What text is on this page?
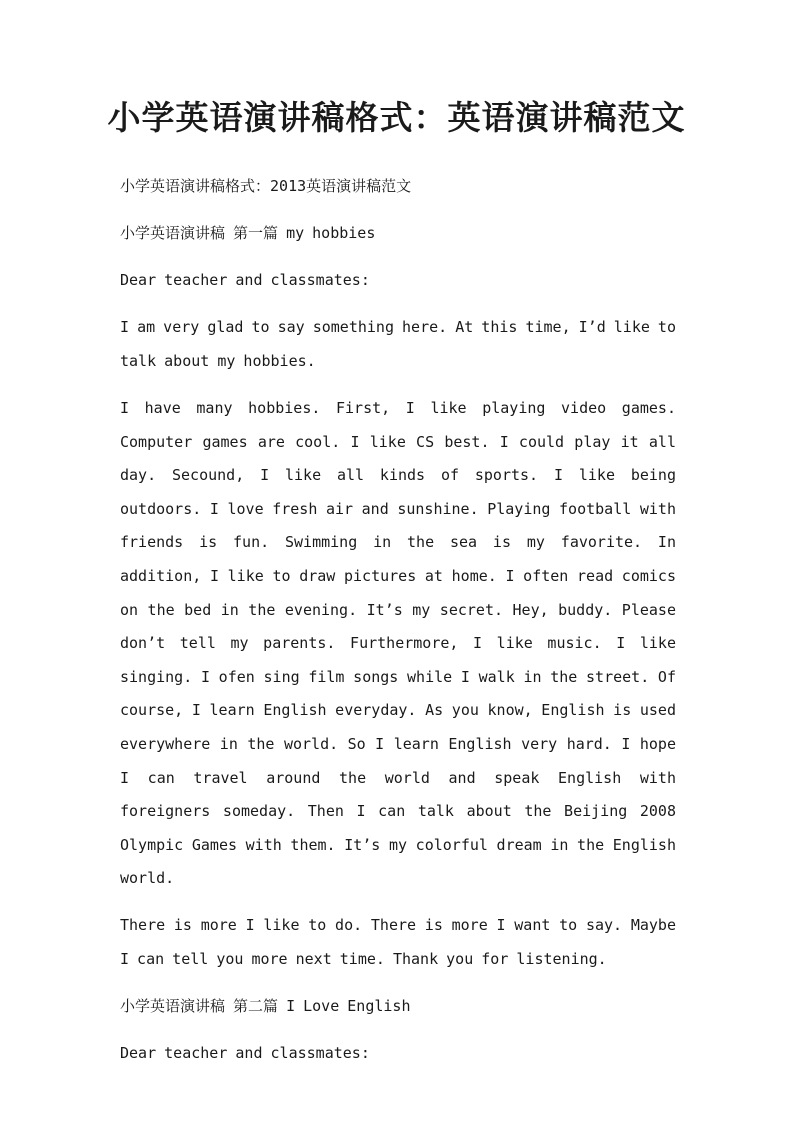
小学英语演讲稿格式：英语演讲稿范文

小学英语演讲稿格式：2013英语演讲稿范文

小学英语演讲稿 第一篇 my hobbies

Dear teacher and classmates:

I am very glad to say something here. At this time, I’d like to talk about my hobbies.

I have many hobbies. First, I like playing video games. Computer games are cool. I like CS best. I could play it all day. Secound, I like all kinds of sports. I like being outdoors. I love fresh air and sunshine. Playing football with friends is fun. Swimming in the sea is my favorite. In addition, I like to draw pictures at home. I often read comics on the bed in the evening. It’s my secret. Hey, buddy. Please don’t tell my parents. Furthermore, I like music. I like singing. I ofen sing film songs while I walk in the street. Of course, I learn English everyday. As you know, English is used everywhere in the world. So I learn English very hard. I hope I can travel around the world and speak English with foreigners someday. Then I can talk about the Beijing 2008 Olympic Games with them. It’s my colorful dream in the English world.

There is more I like to do. There is more I want to say. Maybe I can tell you more next time. Thank you for listening.

小学英语演讲稿 第二篇 I Love English

Dear teacher and classmates:
